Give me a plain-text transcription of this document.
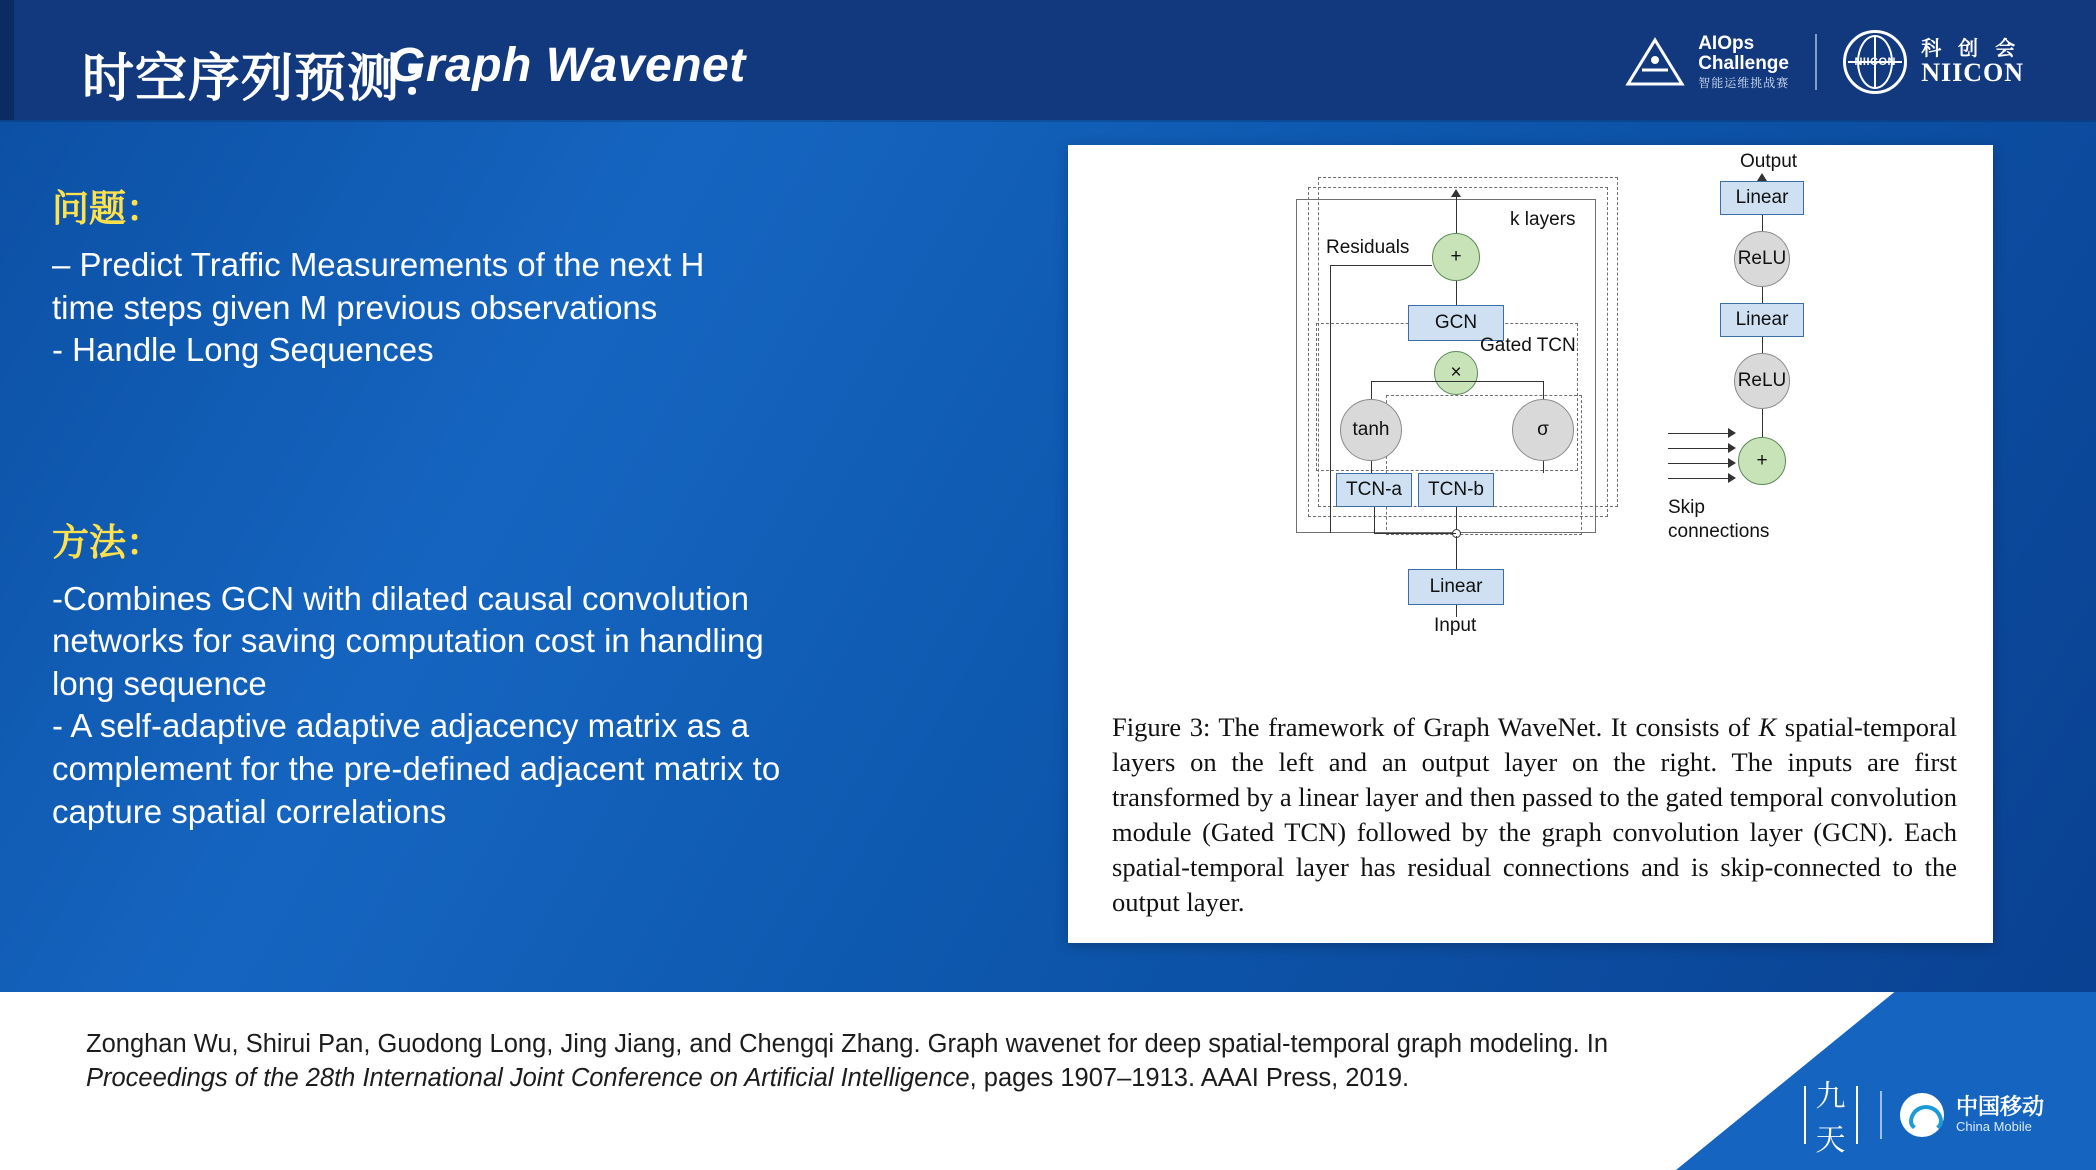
时空序列预测：
Graph Wavenet	AIOps
Challenge
智能运维挑战赛
NIICON
科 创 会
NIICON
问题：
– Predict Traffic Measurements of the next H
time steps given M previous observations
- Handle Long Sequences
方法：
-Combines GCN with dilated causal convolution
networks for saving computation cost in handling
long sequence
- A self-adaptive adaptive adjacency matrix as a
complement for the pre-defined adjacent matrix to
capture spatial correlations
Output
Linear
ReLU
Linear
ReLU
+
Skip
connections
k layers
Residuals	+
GCN
Gated TCN
×
tanh	σ
TCN-a	TCN-b
Linear
Input
Figure 3: The framework of Graph WaveNet. It consists of K spatial-temporal layers on the left and an output layer on the right. The inputs are first transformed by a linear layer and then passed to the gated temporal convolution module (Gated TCN) followed by the graph convolution layer (GCN). Each spatial-temporal layer has residual connections and is skip-connected to the output layer.
Zonghan Wu, Shirui Pan, Guodong Long, Jing Jiang, and Chengqi Zhang. Graph wavenet for deep spatial-temporal graph modeling. In Proceedings of the 28th International Joint Conference on Artificial Intelligence, pages 1907–1913. AAAI Press, 2019.
九天
中国移动
China Mobile
